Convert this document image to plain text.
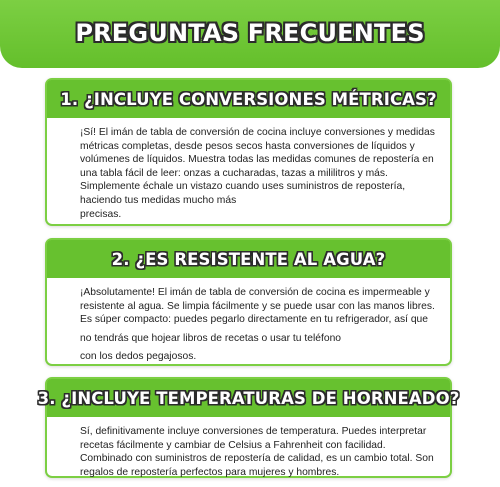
PREGUNTAS FRECUENTES
1. ¿INCLUYE CONVERSIONES MÉTRICAS?

¡Sí! El imán de tabla de conversión de cocina incluye conversiones y medidas métricas completas, desde pesos secos hasta conversiones de líquidos y volúmenes de líquidos. Muestra todas las medidas comunes de repostería en una tabla fácil de leer: onzas a cucharadas, tazas a mililitros y más. Simplemente échale un vistazo cuando uses suministros de repostería, haciendo tus medidas mucho más

precisas.

2. ¿ES RESISTENTE AL AGUA?

¡Absolutamente! El imán de tabla de conversión de cocina es impermeable y resistente al agua. Se limpia fácilmente y se puede usar con las manos libres. Es súper compacto: puedes pegarlo directamente en tu refrigerador, así que

no tendrás que hojear libros de recetas o usar tu teléfono

con los dedos pegajosos.

3. ¿INCLUYE TEMPERATURAS DE HORNEADO?

Sí, definitivamente incluye conversiones de temperatura. Puedes interpretar recetas fácilmente y cambiar de Celsius a Fahrenheit con facilidad. Combinado con suministros de repostería de calidad, es un cambio total. Son regalos de repostería perfectos para mujeres y hombres.
